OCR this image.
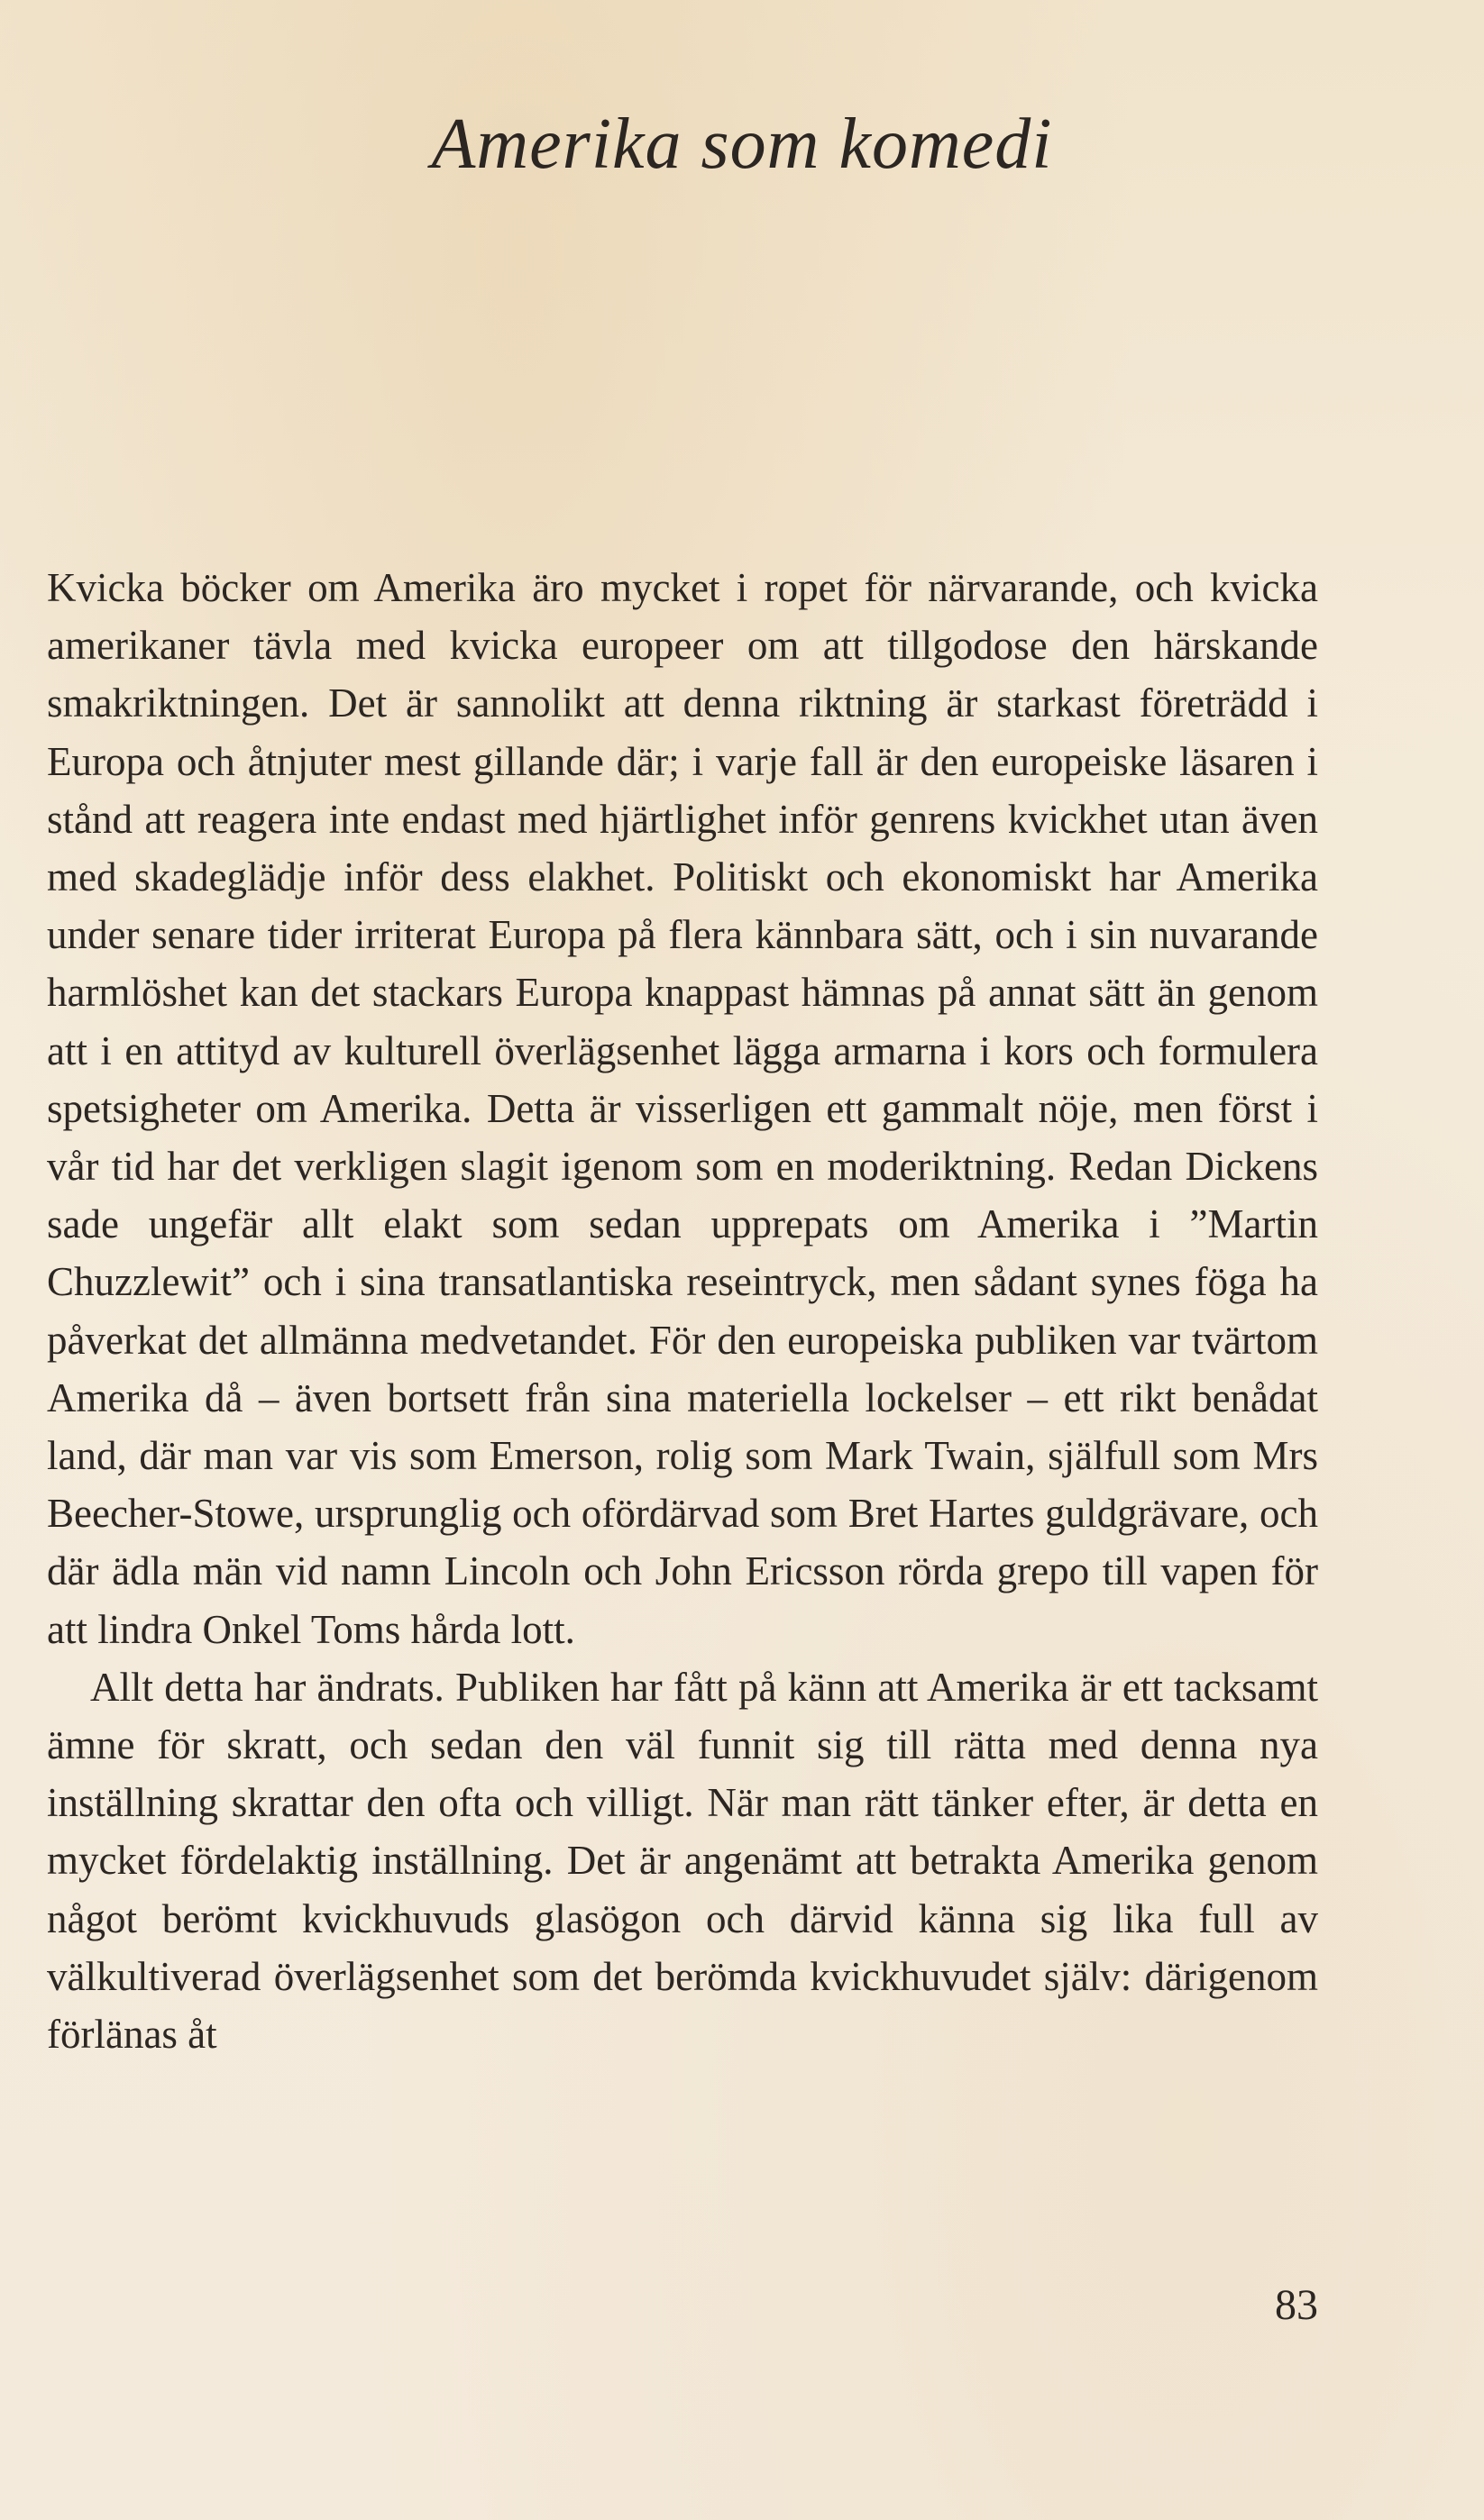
Amerika som komedi

Kvicka böcker om Amerika äro mycket i ropet för närvarande, och kvicka amerikaner tävla med kvicka europeer om att tillgodose den härskande smakriktningen. Det är sannolikt att denna riktning är starkast företrädd i Europa och åtnjuter mest gillande där; i varje fall är den europeiske läsaren i stånd att reagera inte endast med hjärtlighet inför genrens kvickhet utan även med skadeglädje inför dess elakhet. Politiskt och ekonomiskt har Amerika under senare tider irriterat Europa på flera kännbara sätt, och i sin nuvarande harmlöshet kan det stackars Europa knappast hämnas på annat sätt än genom att i en attityd av kulturell överlägsenhet lägga armarna i kors och formulera spetsigheter om Amerika. Detta är visserligen ett gammalt nöje, men först i vår tid har det verkligen slagit igenom som en moderiktning. Redan Dickens sade ungefär allt elakt som sedan upprepats om Amerika i ”Martin Chuzzlewit” och i sina transatlantiska reseintryck, men sådant synes föga ha påverkat det allmänna medvetandet. För den europeiska publiken var tvärtom Amerika då – även bortsett från sina materiella lockelser – ett rikt benådat land, där man var vis som Emerson, rolig som Mark Twain, själfull som Mrs Beecher-Stowe, ursprunglig och ofördärvad som Bret Hartes guldgrävare, och där ädla män vid namn Lincoln och John Ericsson rörda grepo till vapen för att lindra Onkel Toms hårda lott.

Allt detta har ändrats. Publiken har fått på känn att Amerika är ett tacksamt ämne för skratt, och sedan den väl funnit sig till rätta med denna nya inställning skrattar den ofta och villigt. När man rätt tänker efter, är detta en mycket fördelaktig inställning. Det är angenämt att betrakta Amerika genom något berömt kvickhuvuds glasögon och därvid känna sig lika full av välkultiverad överlägsenhet som det berömda kvickhuvudet själv: därigenom förlänas åt

83
